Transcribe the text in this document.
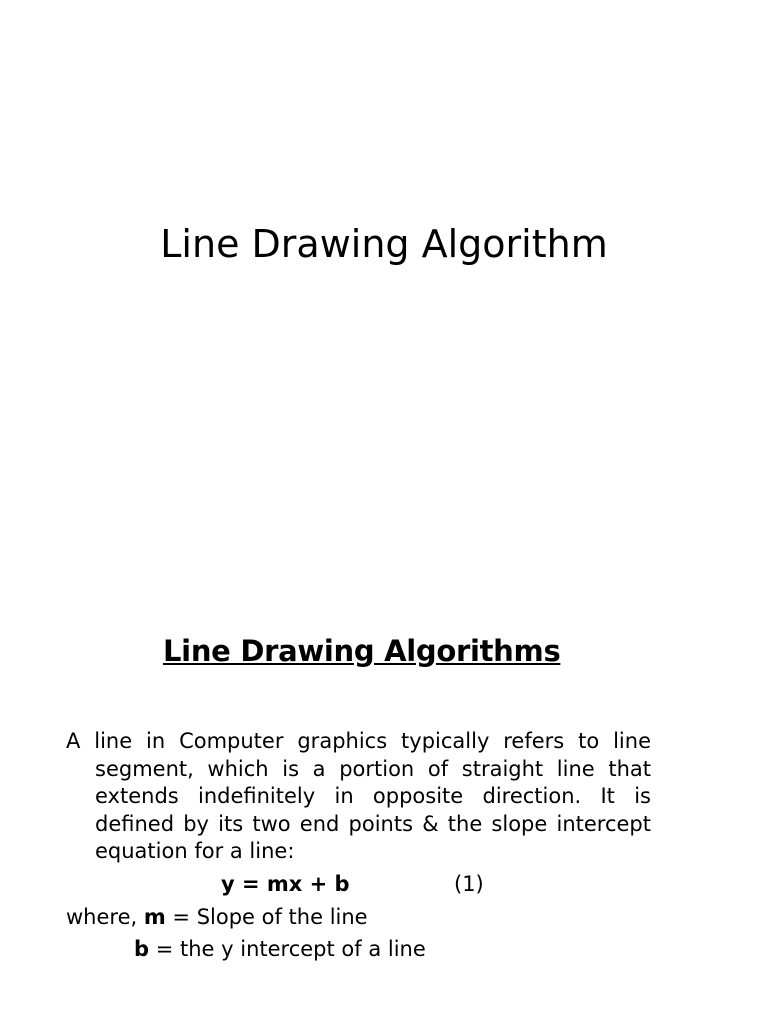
Line Drawing Algorithm
Line Drawing Algorithms

A line in Computer graphics typically refers to line segment, which is a portion of straight line that extends indefinitely in opposite direction. It is defined by its two end points & the slope intercept equation for a line:

y = mx + b	(1)
where, m = Slope of the line
b = the y intercept of a line
